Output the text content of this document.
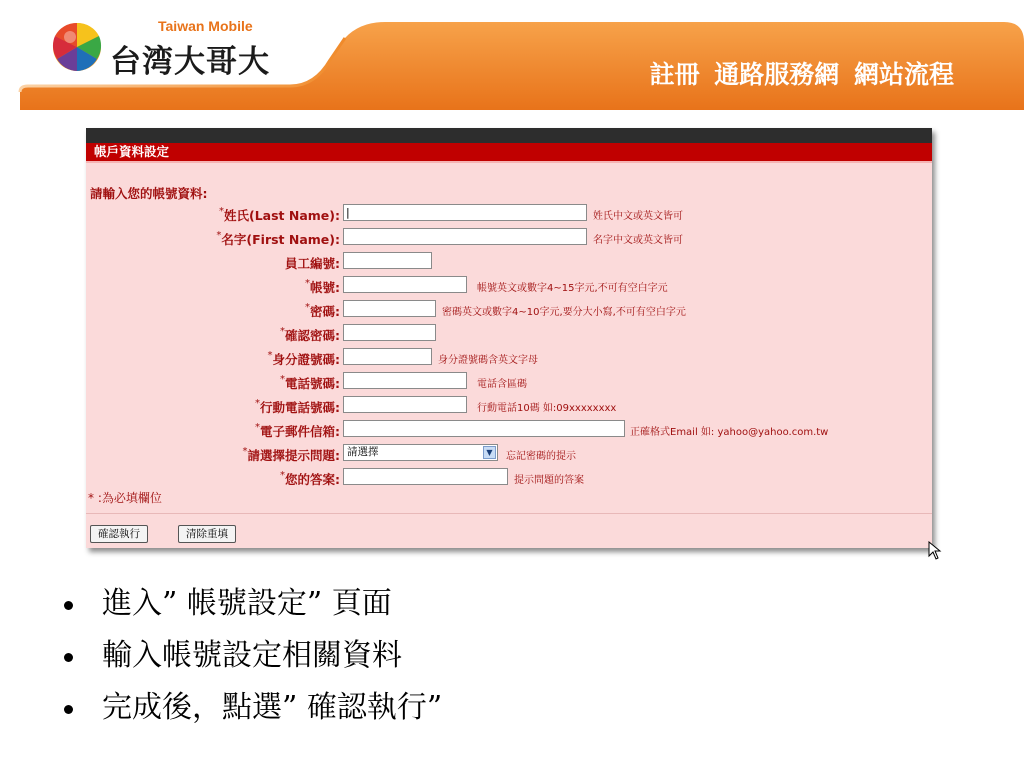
Taiwan Mobile
台湾大哥大	註冊 通路服務網 網站流程
帳戶資料設定
請輸入您的帳號資料:
*姓氏(Last Name): |	姓氏中文或英文皆可
*名字(First Name):	名字中文或英文皆可
員工編號:
*帳號:	帳號英文或數字4~15字元,不可有空白字元
*密碼:	密碼英文或數字4~10字元,要分大小寫,不可有空白字元
*確認密碼:
*身分證號碼:	身分證號碼含英文字母
*電話號碼:	電話含區碼
*行動電話號碼:	行動電話10碼 如:09xxxxxxxx
*電子郵件信箱:	正確格式Email 如: yahoo@yahoo.com.tw
*請選擇提示問題: 請選擇	▼	忘記密碼的提示
*您的答案:	提示問題的答案
* :為必填欄位
確認執行	清除重填
進入” 帳號設定” 頁面
輸入帳號設定相關資料
完成後，點選” 確認執行”
